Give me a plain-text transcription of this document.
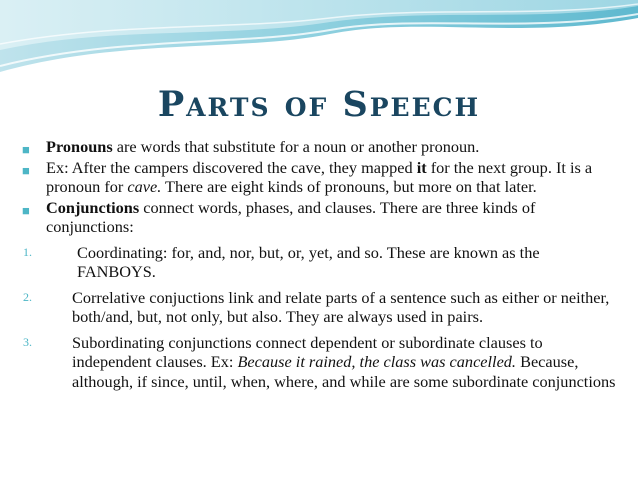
Parts of Speech
■ Pronouns are words that substitute for a noun or another pronoun.
■ Ex: After the campers discovered the cave, they mapped it for the next group. It is a pronoun for cave. There are eight kinds of pronouns, but more on that later.
■ Conjunctions connect words, phases, and clauses. There are three kinds of conjunctions:
1.	Coordinating: for, and, nor, but, or, yet, and so. These are known as the FANBOYS.
2. Correlative conjuctions link and relate parts of a sentence such as either or neither, both/and, but, not only, but also. They are always used in pairs.
3. Subordinating conjunctions connect dependent or subordinate clauses to independent clauses. Ex: Because it rained, the class was cancelled. Because, although, if since, until, when, where, and while are some subordinate conjunctions
